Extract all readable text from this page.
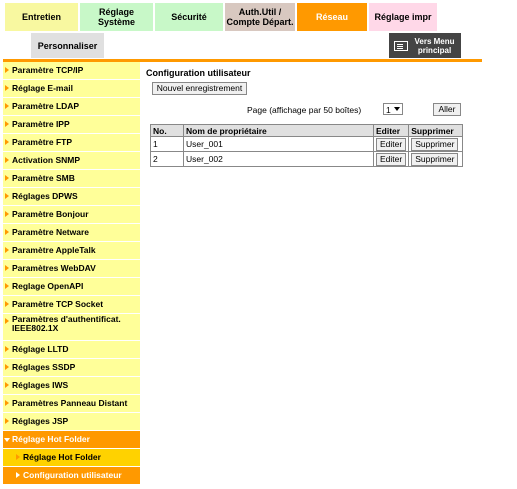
Entretien	Réglage Système	Sécurité	Auth.Util / Compte Départ.	Réseau	Réglage impr
Personnaliser	Vers Menu principal
Paramètre TCP/IP
Réglage E-mail
Paramètre LDAP
Paramètre IPP
Paramètre FTP
Activation SNMP
Paramètre SMB
Réglages DPWS
Paramètre Bonjour
Paramètre Netware
Paramètre AppleTalk
Paramètres WebDAV
Reglage OpenAPI
Paramètre TCP Socket
Paramètres d'authentificat. IEEE802.1X
Réglage LLTD
Réglages SSDP
Réglages IWS
Paramètres Panneau Distant
Réglages JSP
Réglage Hot Folder
Réglage Hot Folder
Configuration utilisateur
Configuration utilisateur
Nouvel enregistrement
Page (affichage par 50 boîtes)	1	Aller
No.	Nom de propriétaire	Editer	Supprimer
1	User_001	Editer	Supprimer
2	User_002	Editer	Supprimer
